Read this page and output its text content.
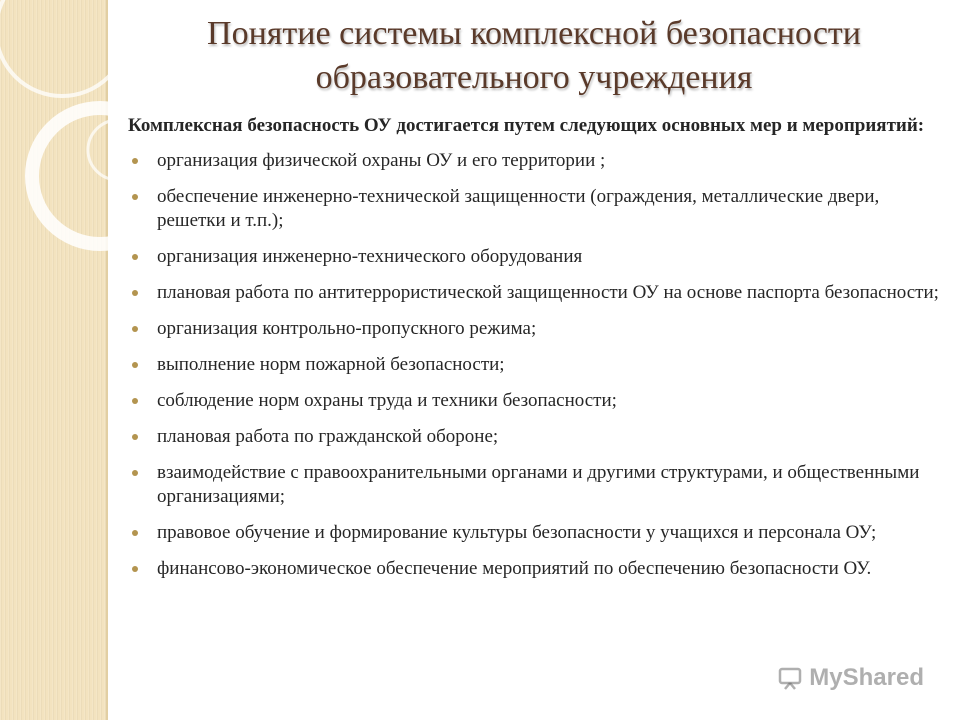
Понятие системы комплексной безопасности
образовательного учреждения

Комплексная безопасность ОУ достигается путем следующих основных мер и мероприятий:

организация физической охраны ОУ и его территории ;
обеспечение инженерно-технической защищенности (ограждения, металлические двери, решетки и т.п.);
организация инженерно-технического оборудования
плановая работа по антитеррористической защищенности ОУ на основе паспорта безопасности;
организация контрольно-пропускного режима;
выполнение норм пожарной безопасности;
соблюдение норм охраны труда и техники безопасности;
плановая работа по гражданской обороне;
взаимодействие с правоохранительными органами и другими структурами, и общественными организациями;
правовое обучение и формирование культуры безопасности у учащихся и персонала ОУ;
финансово-экономическое обеспечение мероприятий по обеспечению безопасности ОУ.
MyShared
